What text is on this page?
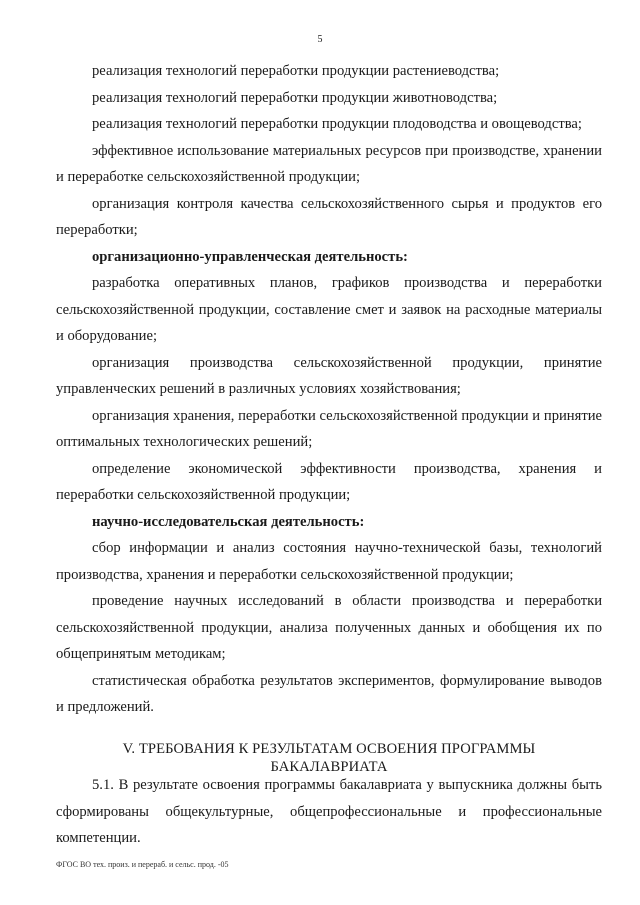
5

реализация технологий переработки продукции растениеводства;

реализация технологий переработки продукции животноводства;

реализация технологий переработки продукции плодоводства и овощеводства;

эффективное использование материальных ресурсов при производстве, хранении и переработке сельскохозяйственной продукции;

организация контроля качества сельскохозяйственного сырья и продуктов его переработки;

организационно-управленческая деятельность:

разработка оперативных планов, графиков производства и переработки сельскохозяйственной продукции, составление смет и заявок на расходные материалы и оборудование;

организация производства сельскохозяйственной продукции, принятие управленческих решений в различных условиях хозяйствования;

организация хранения, переработки сельскохозяйственной продукции и принятие оптимальных технологических решений;

определение экономической эффективности производства, хранения и переработки сельскохозяйственной продукции;

научно-исследовательская деятельность:

сбор информации и анализ состояния научно-технической базы, технологий производства, хранения и переработки сельскохозяйственной продукции;

проведение научных исследований в области производства и переработки сельскохозяйственной продукции, анализа полученных данных и обобщения их по общепринятым методикам;

статистическая обработка результатов экспериментов, формулирование выводов и предложений.

V. ТРЕБОВАНИЯ К РЕЗУЛЬТАТАМ ОСВОЕНИЯ ПРОГРАММЫ
БАКАЛАВРИАТА

5.1. В результате освоения программы бакалавриата у выпускника должны быть сформированы общекультурные, общепрофессиональные и профессиональные компетенции.

ФГОС ВО тех. произ. и перераб. и сельс. прод. -05
